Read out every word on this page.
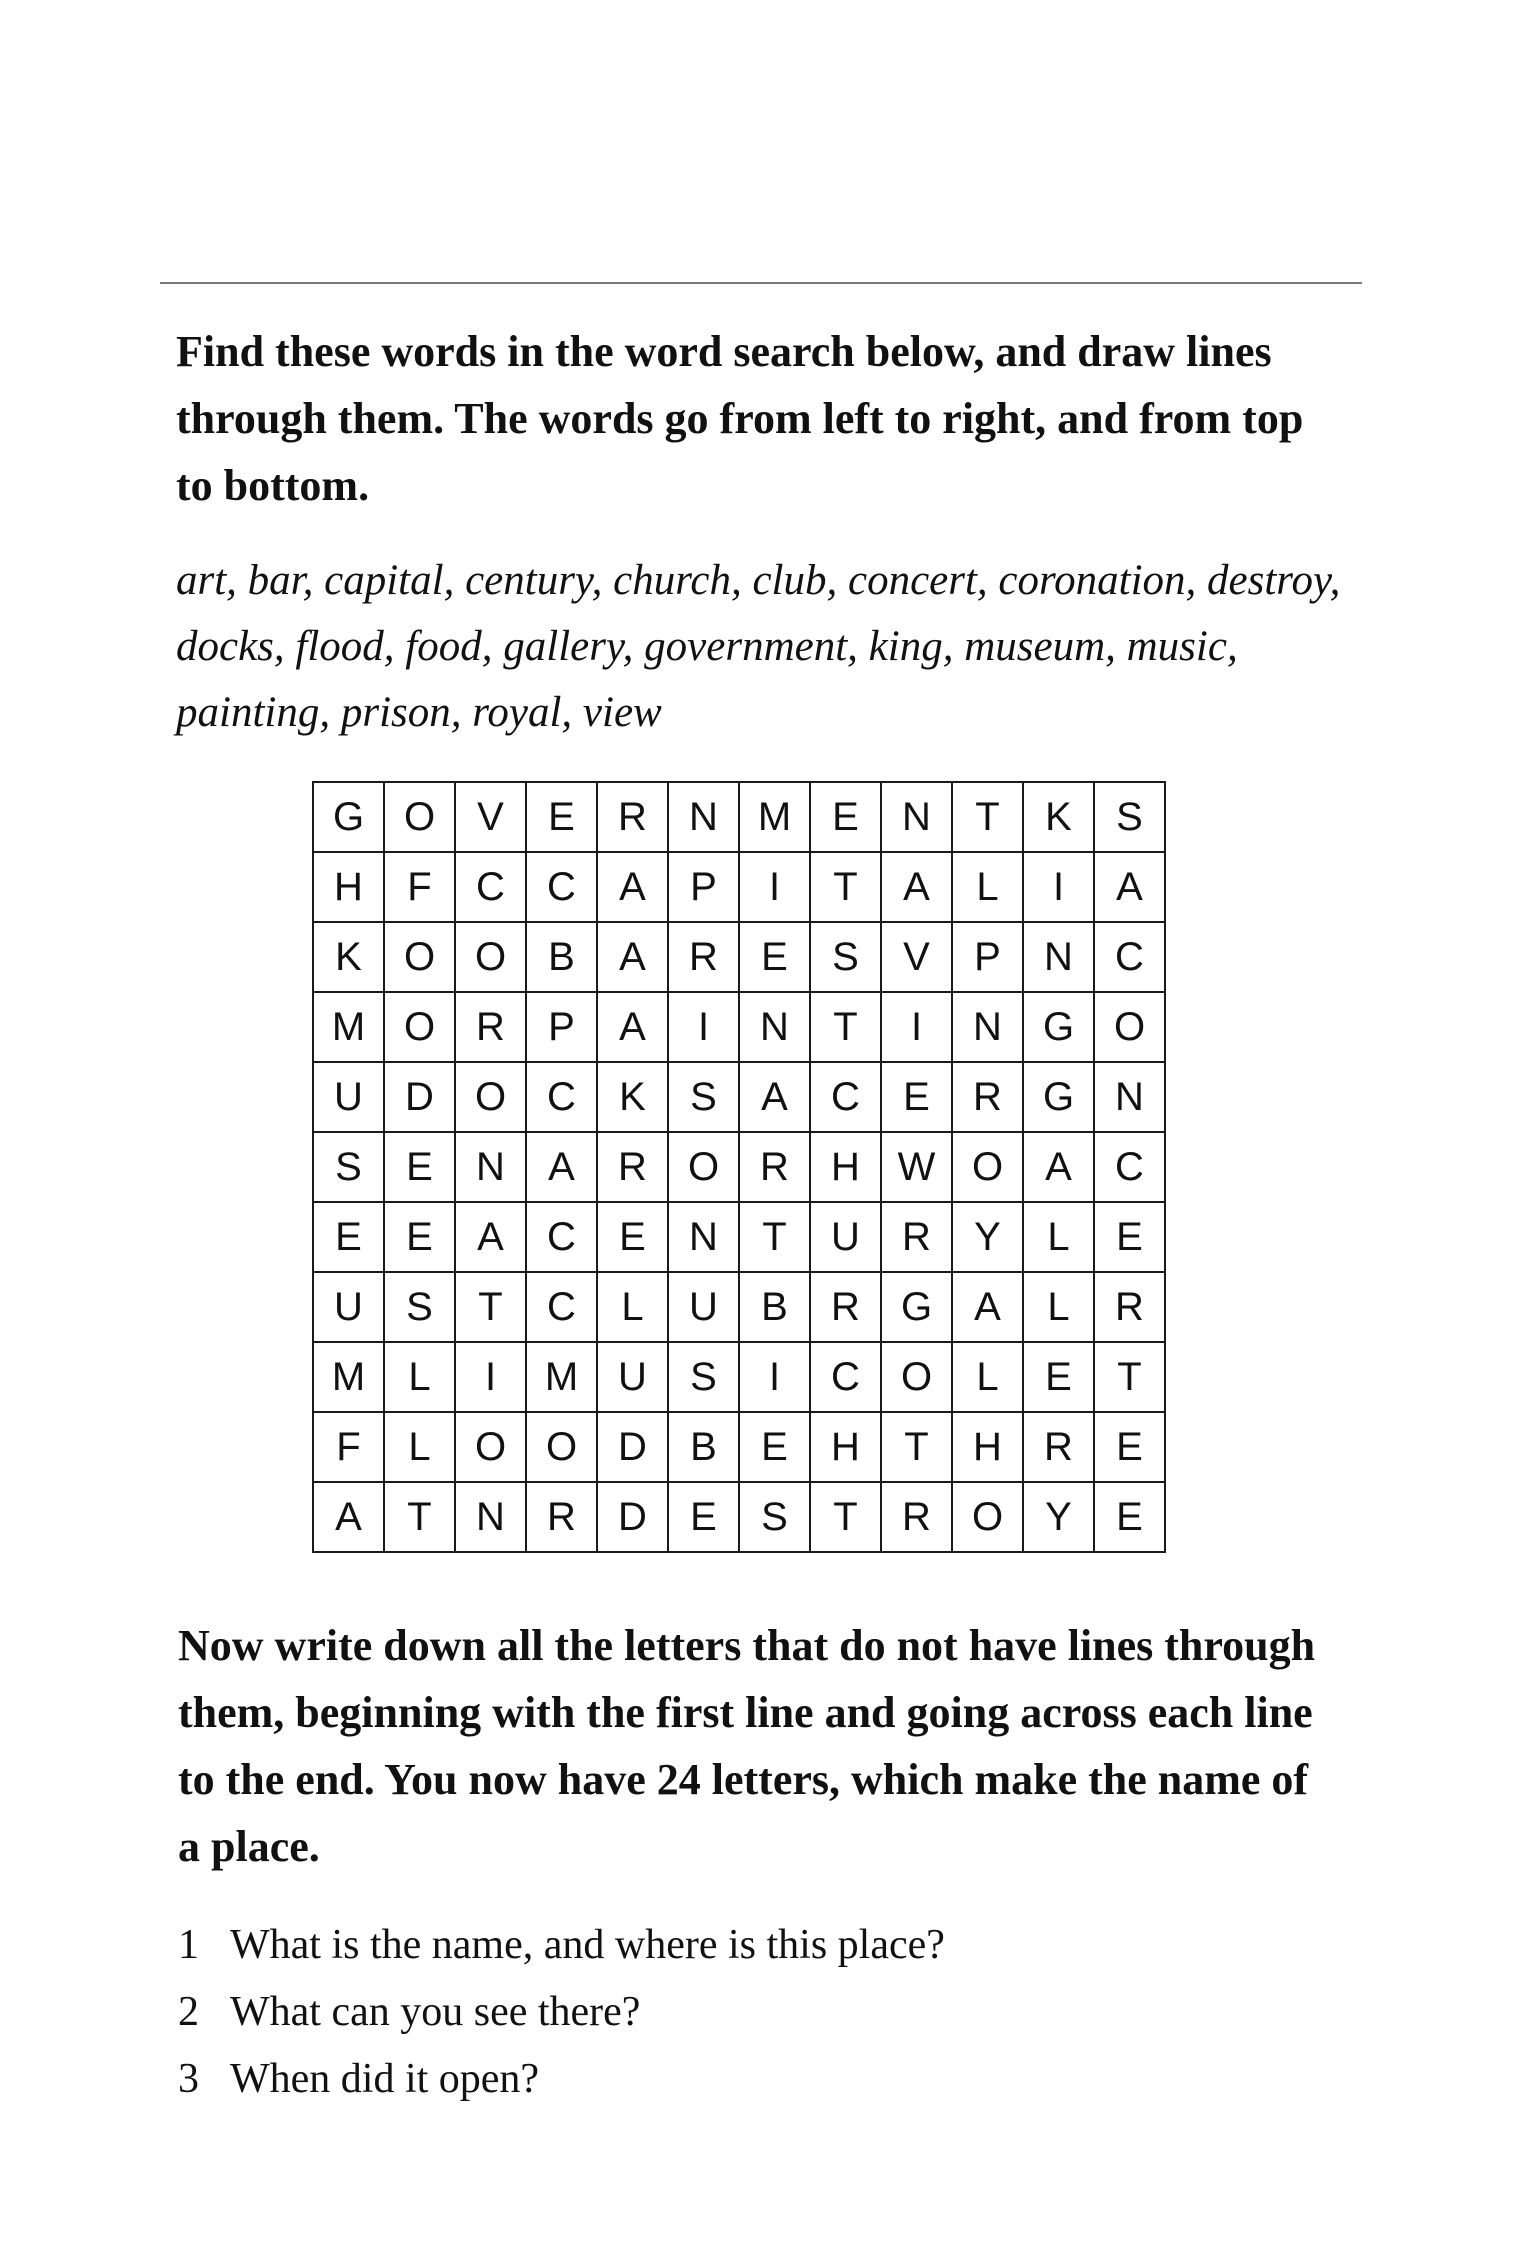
Find these words in the word search below, and draw lines through them. The words go from left to right, and from top to bottom.

art, bar, capital, century, church, club, concert, coronation, destroy, docks, flood, food, gallery, government, king, museum, music, painting, prison, royal, view

G	O	V	E	R	N	M	E	N	T	K	S
H	F	C	C	A	P	I	T	A	L	I	A
K	O	O	B	A	R	E	S	V	P	N	C
M	O	R	P	A	I	N	T	I	N	G	O
U	D	O	C	K	S	A	C	E	R	G	N
S	E	N	A	R	O	R	H	W	O	A	C
E	E	A	C	E	N	T	U	R	Y	L	E
U	S	T	C	L	U	B	R	G	A	L	R
M	L	I	M	U	S	I	C	O	L	E	T
F	L	O	O	D	B	E	H	T	H	R	E
A	T	N	R	D	E	S	T	R	O	Y	E

Now write down all the letters that do not have lines through them, beginning with the first line and going across each line to the end. You now have 24 letters, which make the name of a place.

1 What is the name, and where is this place?
2 What can you see there?
3 When did it open?
